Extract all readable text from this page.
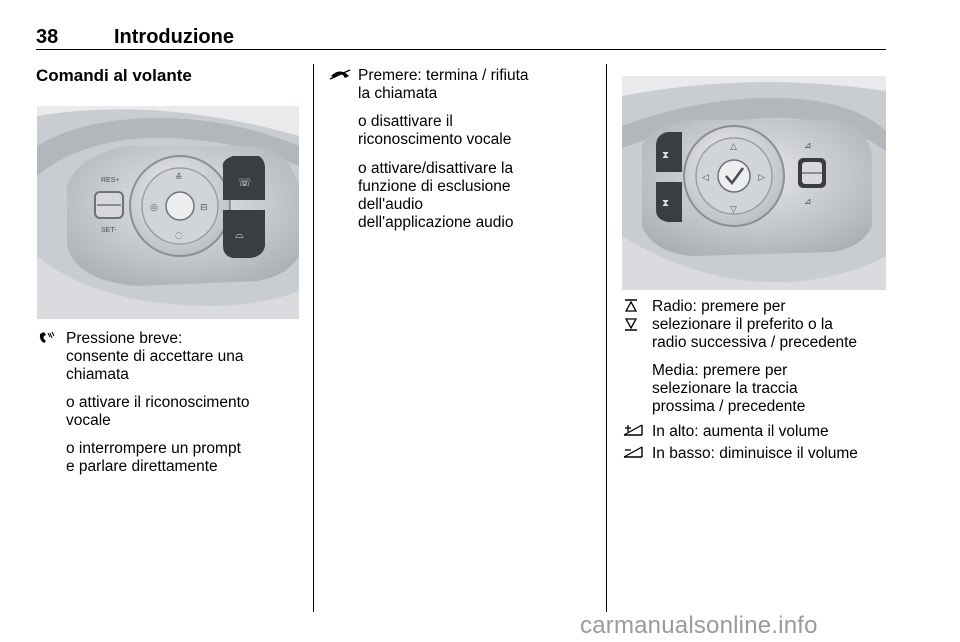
38	Introduzione
Comandi al volante
RES+
SET-
≙
◎	⊟
◌
☏
⌓
Pressione breve:
consente di accettare una
chiamata
o attivare il riconoscimento
vocale
o interrompere un prompt
e parlare direttamente
Premere: termina / rifiuta
la chiamata
o disattivare il
riconoscimento vocale
o attivare/disattivare la
funzione di esclusione
dell'audio
dell'applicazione audio
⧗
⧗
△
▽
◁	▷
⊿
⊿
Radio: premere per
selezionare il preferito o la
radio successiva / precedente
Media: premere per
selezionare la traccia
prossima / precedente
In alto: aumenta il volume
In basso: diminuisce il volume
carmanualsonline.info
